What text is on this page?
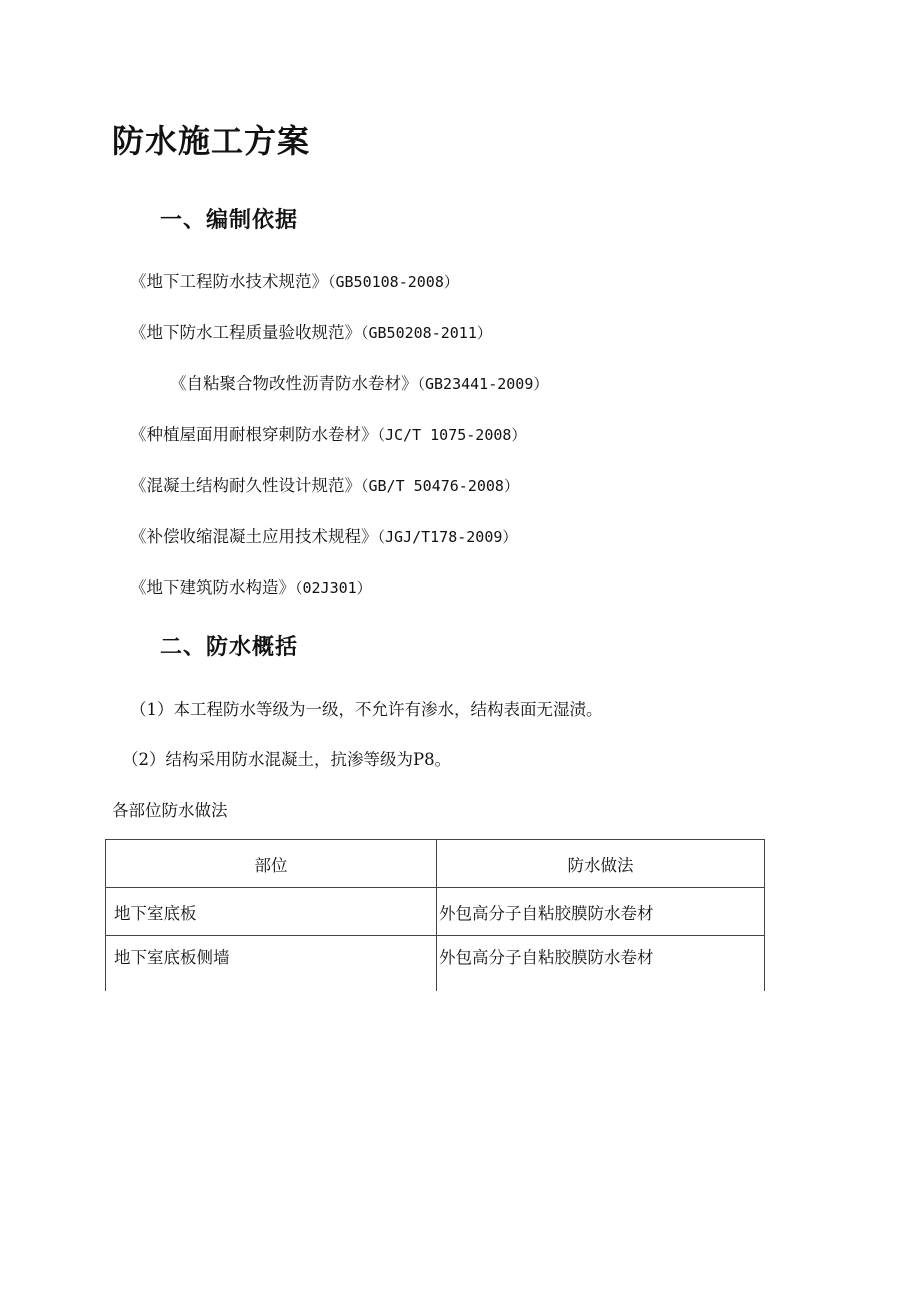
防水施工方案
一、编制依据
《地下工程防水技术规范》（GB50108-2008）
《地下防水工程质量验收规范》（GB50208-2011）
《自粘聚合物改性沥青防水卷材》（GB23441-2009）
《种植屋面用耐根穿刺防水卷材》（JC/T 1075-2008）
《混凝土结构耐久性设计规范》（GB/T 50476-2008）
《补偿收缩混凝土应用技术规程》（JGJ/T178-2009）
《地下建筑防水构造》（02J301）
二、防水概括

（1）本工程防水等级为一级，不允许有渗水，结构表面无湿渍。

（2）结构采用防水混凝土，抗渗等级为P8。

各部位防水做法

部位	防水做法
地下室底板	外包高分子自粘胶膜防水卷材
地下室底板侧墙	外包高分子自粘胶膜防水卷材
